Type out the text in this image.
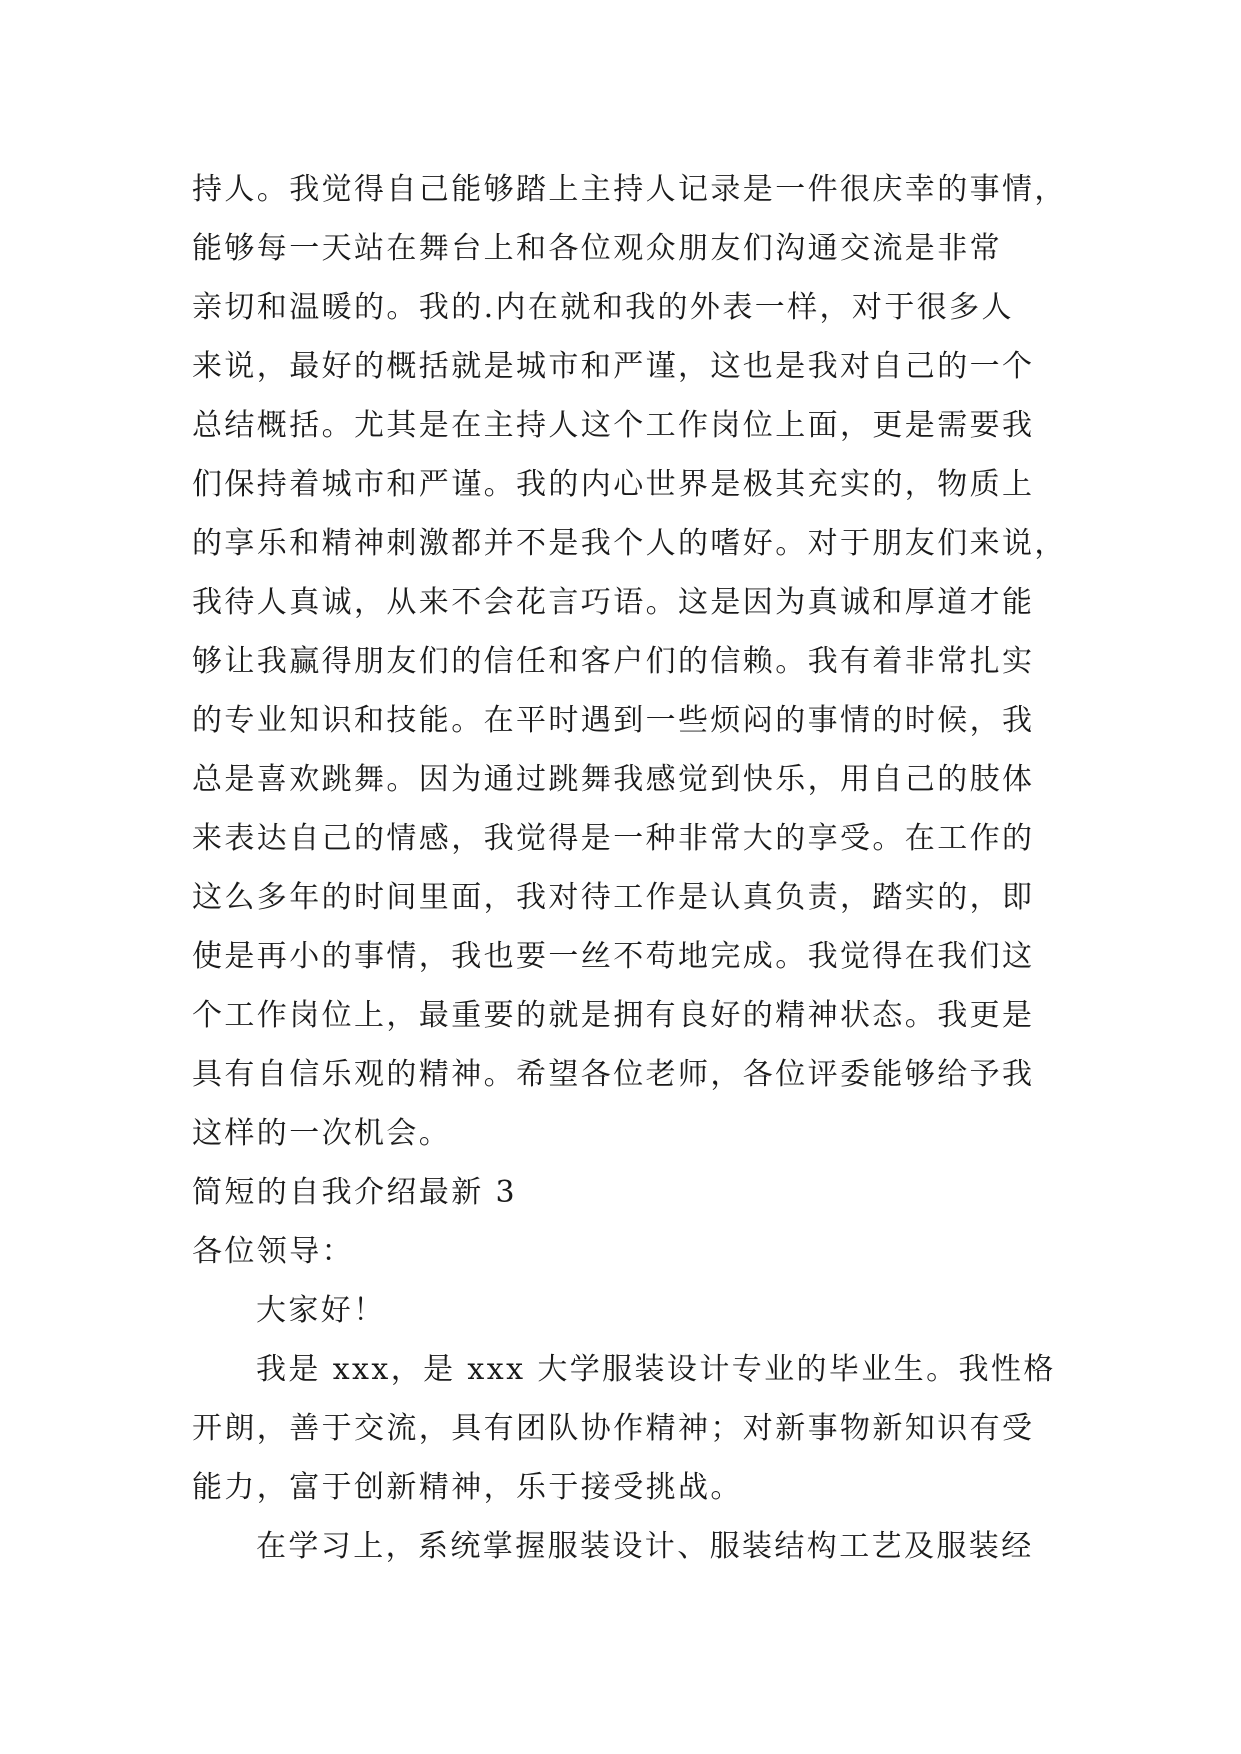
持人。我觉得自己能够踏上主持人记录是一件很庆幸的事情，
能够每一天站在舞台上和各位观众朋友们沟通交流是非常
亲切和温暖的。我的.内在就和我的外表一样，对于很多人
来说，最好的概括就是城市和严谨，这也是我对自己的一个
总结概括。尤其是在主持人这个工作岗位上面，更是需要我
们保持着城市和严谨。我的内心世界是极其充实的，物质上
的享乐和精神刺激都并不是我个人的嗜好。对于朋友们来说，
我待人真诚，从来不会花言巧语。这是因为真诚和厚道才能
够让我赢得朋友们的信任和客户们的信赖。我有着非常扎实
的专业知识和技能。在平时遇到一些烦闷的事情的时候，我
总是喜欢跳舞。因为通过跳舞我感觉到快乐，用自己的肢体
来表达自己的情感，我觉得是一种非常大的享受。在工作的
这么多年的时间里面，我对待工作是认真负责，踏实的，即
使是再小的事情，我也要一丝不苟地完成。我觉得在我们这
个工作岗位上，最重要的就是拥有良好的精神状态。我更是
具有自信乐观的精神。希望各位老师，各位评委能够给予我
这样的一次机会。
简短的自我介绍最新 3
各位领导：
大家好！
我是 xxx，是 xxx 大学服装设计专业的毕业生。我性格
开朗，善于交流，具有团队协作精神；对新事物新知识有受
能力，富于创新精神，乐于接受挑战。
在学习上，系统掌握服装设计、服装结构工艺及服装经
